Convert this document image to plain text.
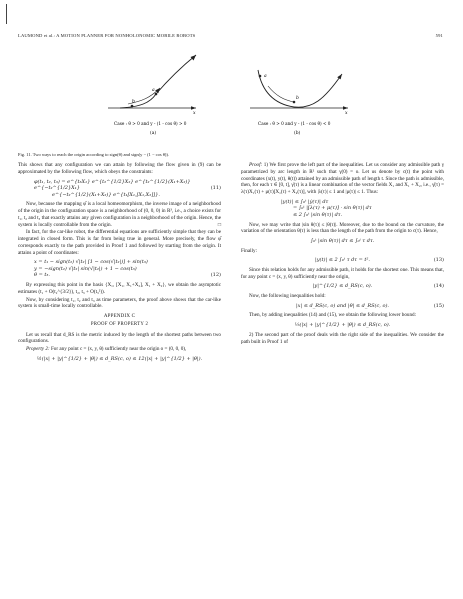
LAUMOND et al.: A MOTION PLANNER FOR NONHOLONOMIC MOBILE ROBOTS	591
a
b
x
Case : θ > 0 and y - (1 - cos θ) > 0
(a)
a
b
x
Case : θ > 0 and y - (1 - cos θ) < 0
(b)
Fig. 11. Two ways to reach the origin according to sign(θ) and sign(y − (1 − cos θ)).

This shows that any configuration we can attain by following the flow given in (9) can be approximated by the following flow, which obeys the constraints:

φ(t₁, t₂, t₃) = e^{t₃X₁} e^{t₂^{1/2}X₂} e^{t₂^{1/2}(X₁+X₂)} e^{−t₂^{1/2}X₁}
e^{−t₂^{1/2}(X₁+X₂)} e^{t₁[X₁,[X₁,X₂]]}.
(11)

Now, because the mapping φ̂ is a local homeomorphism, the inverse image of a neighborhood of the origin in the configuration space is a neighborhood of (0, 0, 0) in R³, i.e., a choice exists for t₁, t₂ and t₃ that exactly attains any given configuration in a neighborhood of the origin. Hence, the system is locally controllable from the origin.	□

In fact, for the car-like robot, the differential equations are sufficiently simple that they can be integrated in closed form. This is far from being true in general. More precisely, the flow φ̂ corresponds exactly to the path provided in Proof 1 and followed by starting from the origin. It attains a point of coordinates:

x = t₁ − sign(t₂) √|t₂| [1 − cos(√|t₂|)] + sin(t₃)
y = −sign(t₂) √|t₂| sin(√|t₂|) + 1 − cos(t₃)
θ = t₃.	(12)

By expressing this point in the basis {X₁, [X₁, X₁+X₂], X₁ + X₂}, we obtain the asymptotic estimates (t₁ + O(t₂^{3/2}), t₂, t₃ + O(t₃²)).

Now, by considering t₁, t₂ and t₃ as time parameters, the proof above shows that the car-like system is small-time locally controllable.

APPENDIX C
PROOF OF PROPERTY 2

Let us recall that d_RS is the metric induced by the length of the shortest paths between two configurations.

Property 2: For any point c = (x, y, θ) sufficiently near the origin o = (0, 0, 0),

½(|x| + |y|^{1/2} + |θ|) ≤ d_RS(c, o) ≤ 12(|x| + |y|^{1/2} + |θ|).

Proof: 1) We first prove the left part of the inequalities. Let us consider any admissible path γ parametrized by arc length in R² such that γ(0) = o. Let us denote by c(t) the point with coordinates (x(t), y(t), θ(t)) attained by an admissible path of length t. Since the path is admissible, then, for each τ ∈ [0, t], γ̇(τ) is a linear combination of the vector fields X₁ and X₁ + X₂, i.e., γ̇(τ) = λ(τ)X₁(τ) + μ(τ)[X₁(τ) + X₂(τ)], with |λ(τ)| ≤ 1 and |μ(τ)| ≤ 1. Thus:

|y(t)| ≤ ∫₀ᵗ |ẏ(τ)| dτ
= ∫₀ᵗ |[λ(τ) + μ(τ)] · sin θ(τ)| dτ
≤ 2 ∫₀ᵗ |sin θ(τ)| dτ.

Now, we may write that |sin θ(τ)| ≤ |θ(τ)|. Moreover, due to the bound on the curvature, the variation of the orientation θ(τ) is less than the length of the path from the origin to c(τ). Hence,

∫₀ᵗ |sin θ(τ)| dτ ≤ ∫₀ᵗ τ dτ.

Finally:

|y(t)| ≤ 2 ∫₀ᵗ τ dτ = t².	(13)

Since this relation holds for any admissible path, it holds for the shortest one. This means that, for any point c = (x, y, θ) sufficiently near the origin,

|y|^{1/2} ≤ d_RS(c, o).	(14)

Now, the following inequalities hold:

|x| ≤ d_RS(c, o) and |θ| ≤ d_RS(c, o).	(15)

Then, by adding inequalities (14) and (15), we obtain the following lower bound:

⅓(|x| + |y|^{1/2} + |θ|) ≤ d_RS(c, o).

2) The second part of the proof deals with the right side of the inequalities. We consider the path built in Proof 1 of
